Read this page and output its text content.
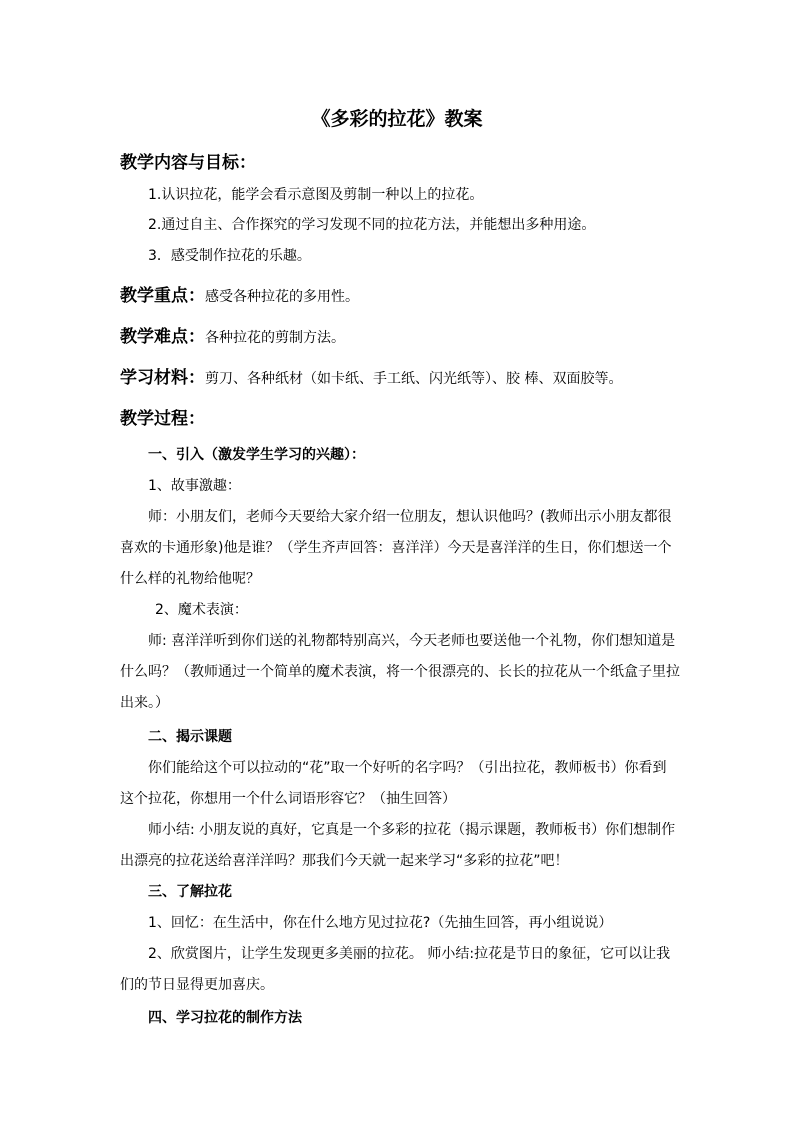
《多彩的拉花》教案
教学内容与目标：
1.认识拉花，能学会看示意图及剪制一种以上的拉花。
2.通过自主、合作探究的学习发现不同的拉花方法，并能想出多种用途。
3．感受制作拉花的乐趣。
教学重点：感受各种拉花的多用性。
教学难点：各种拉花的剪制方法。
学习材料：剪刀、各种纸材（如卡纸、手工纸、闪光纸等）、胶 棒、双面胶等。
教学过程：
一、引入（激发学生学习的兴趣）：
1、故事激趣：
师：小朋友们，老师今天要给大家介绍一位朋友，想认识他吗？(教师出示小朋友都很
喜欢的卡通形象)他是谁？（学生齐声回答：喜洋洋）今天是喜洋洋的生日，你们想送一个
什么样的礼物给他呢？
2、魔术表演：
师: 喜洋洋听到你们送的礼物都特别高兴，今天老师也要送他一个礼物，你们想知道是
什么吗？（教师通过一个简单的魔术表演，将一个很漂亮的、长长的拉花从一个纸盒子里拉
出来。）
二、揭示课题
你们能给这个可以拉动的“花”取一个好听的名字吗？（引出拉花，教师板书）你看到
这个拉花，你想用一个什么词语形容它？（抽生回答）
师小结: 小朋友说的真好，它真是一个多彩的拉花（揭示课题，教师板书）你们想制作
出漂亮的拉花送给喜洋洋吗？那我们今天就一起来学习“多彩的拉花”吧！
三、了解拉花
1、回忆：在生活中，你在什么地方见过拉花?（先抽生回答，再小组说说）
2、欣赏图片，让学生发现更多美丽的拉花。 师小结:拉花是节日的象征，它可以让我
们的节日显得更加喜庆。
四、学习拉花的制作方法
